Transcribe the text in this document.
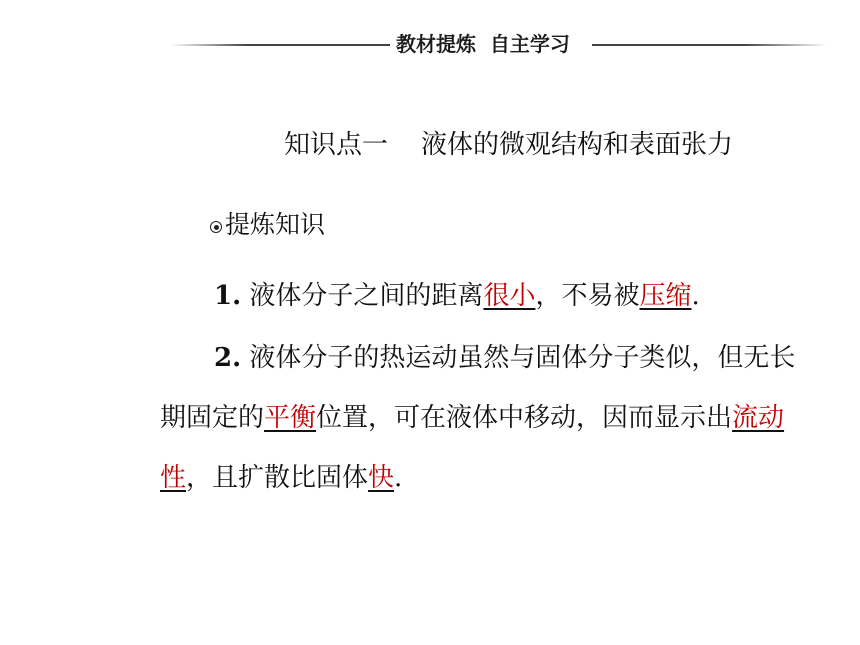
教材提炼  自主学习
知识点一    液体的微观结构和表面张力
提炼知识
1. 液体分子之间的距离很小，不易被压缩.
2. 液体分子的热运动虽然与固体分子类似，但无长
期固定的平衡位置，可在液体中移动，因而显示出流动
性，且扩散比固体快.
